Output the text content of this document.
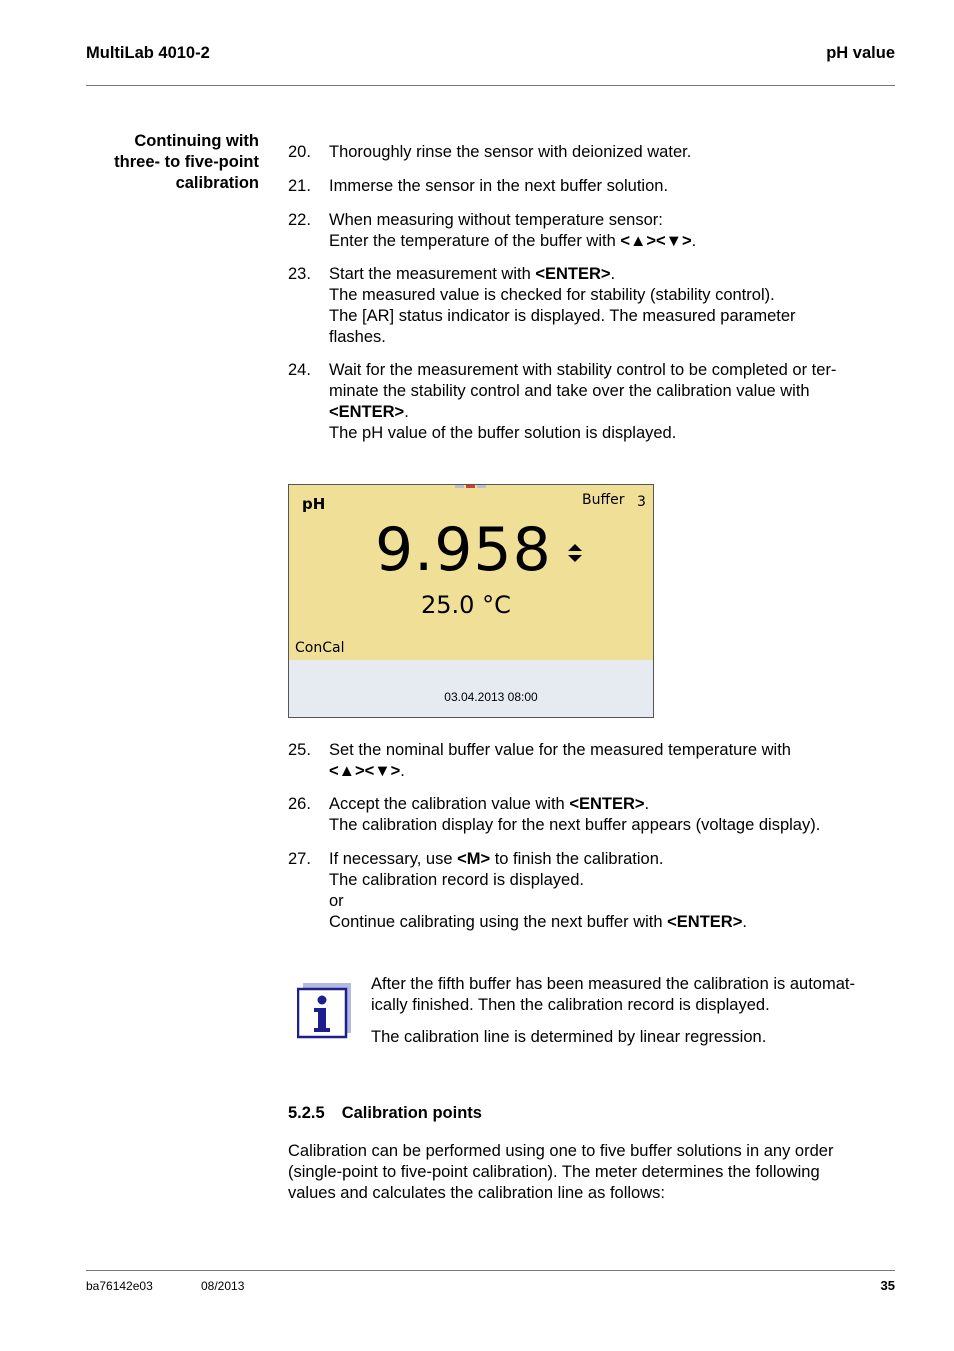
MultiLab 4010-2	pH value
Continuing with
three- to five-point
calibration
20. Thoroughly rinse the sensor with deionized water.
21. Immerse the sensor in the next buffer solution.
22. When measuring without temperature sensor:
Enter the temperature of the buffer with <▲><▼>.
23. Start the measurement with <ENTER>.
The measured value is checked for stability (stability control).
The [AR] status indicator is displayed. The measured parameter
flashes.
24. Wait for the measurement with stability control to be completed or ter-
minate the stability control and take over the calibration value with
<ENTER>.
The pH value of the buffer solution is displayed.
pH	Buffer 3
9.958
25.0 °C
ConCal
03.04.2013 08:00
25. Set the nominal buffer value for the measured temperature with
<▲><▼>.
26. Accept the calibration value with <ENTER>.
The calibration display for the next buffer appears (voltage display).
27. If necessary, use <M> to finish the calibration.
The calibration record is displayed.
or
Continue calibrating using the next buffer with <ENTER>.
After the fifth buffer has been measured the calibration is automat-
ically finished. Then the calibration record is displayed.
The calibration line is determined by linear regression.
5.2.5 Calibration points
Calibration can be performed using one to five buffer solutions in any order
(single-point to five-point calibration). The meter determines the following
values and calculates the calibration line as follows:
ba76142e03	08/2013	35
